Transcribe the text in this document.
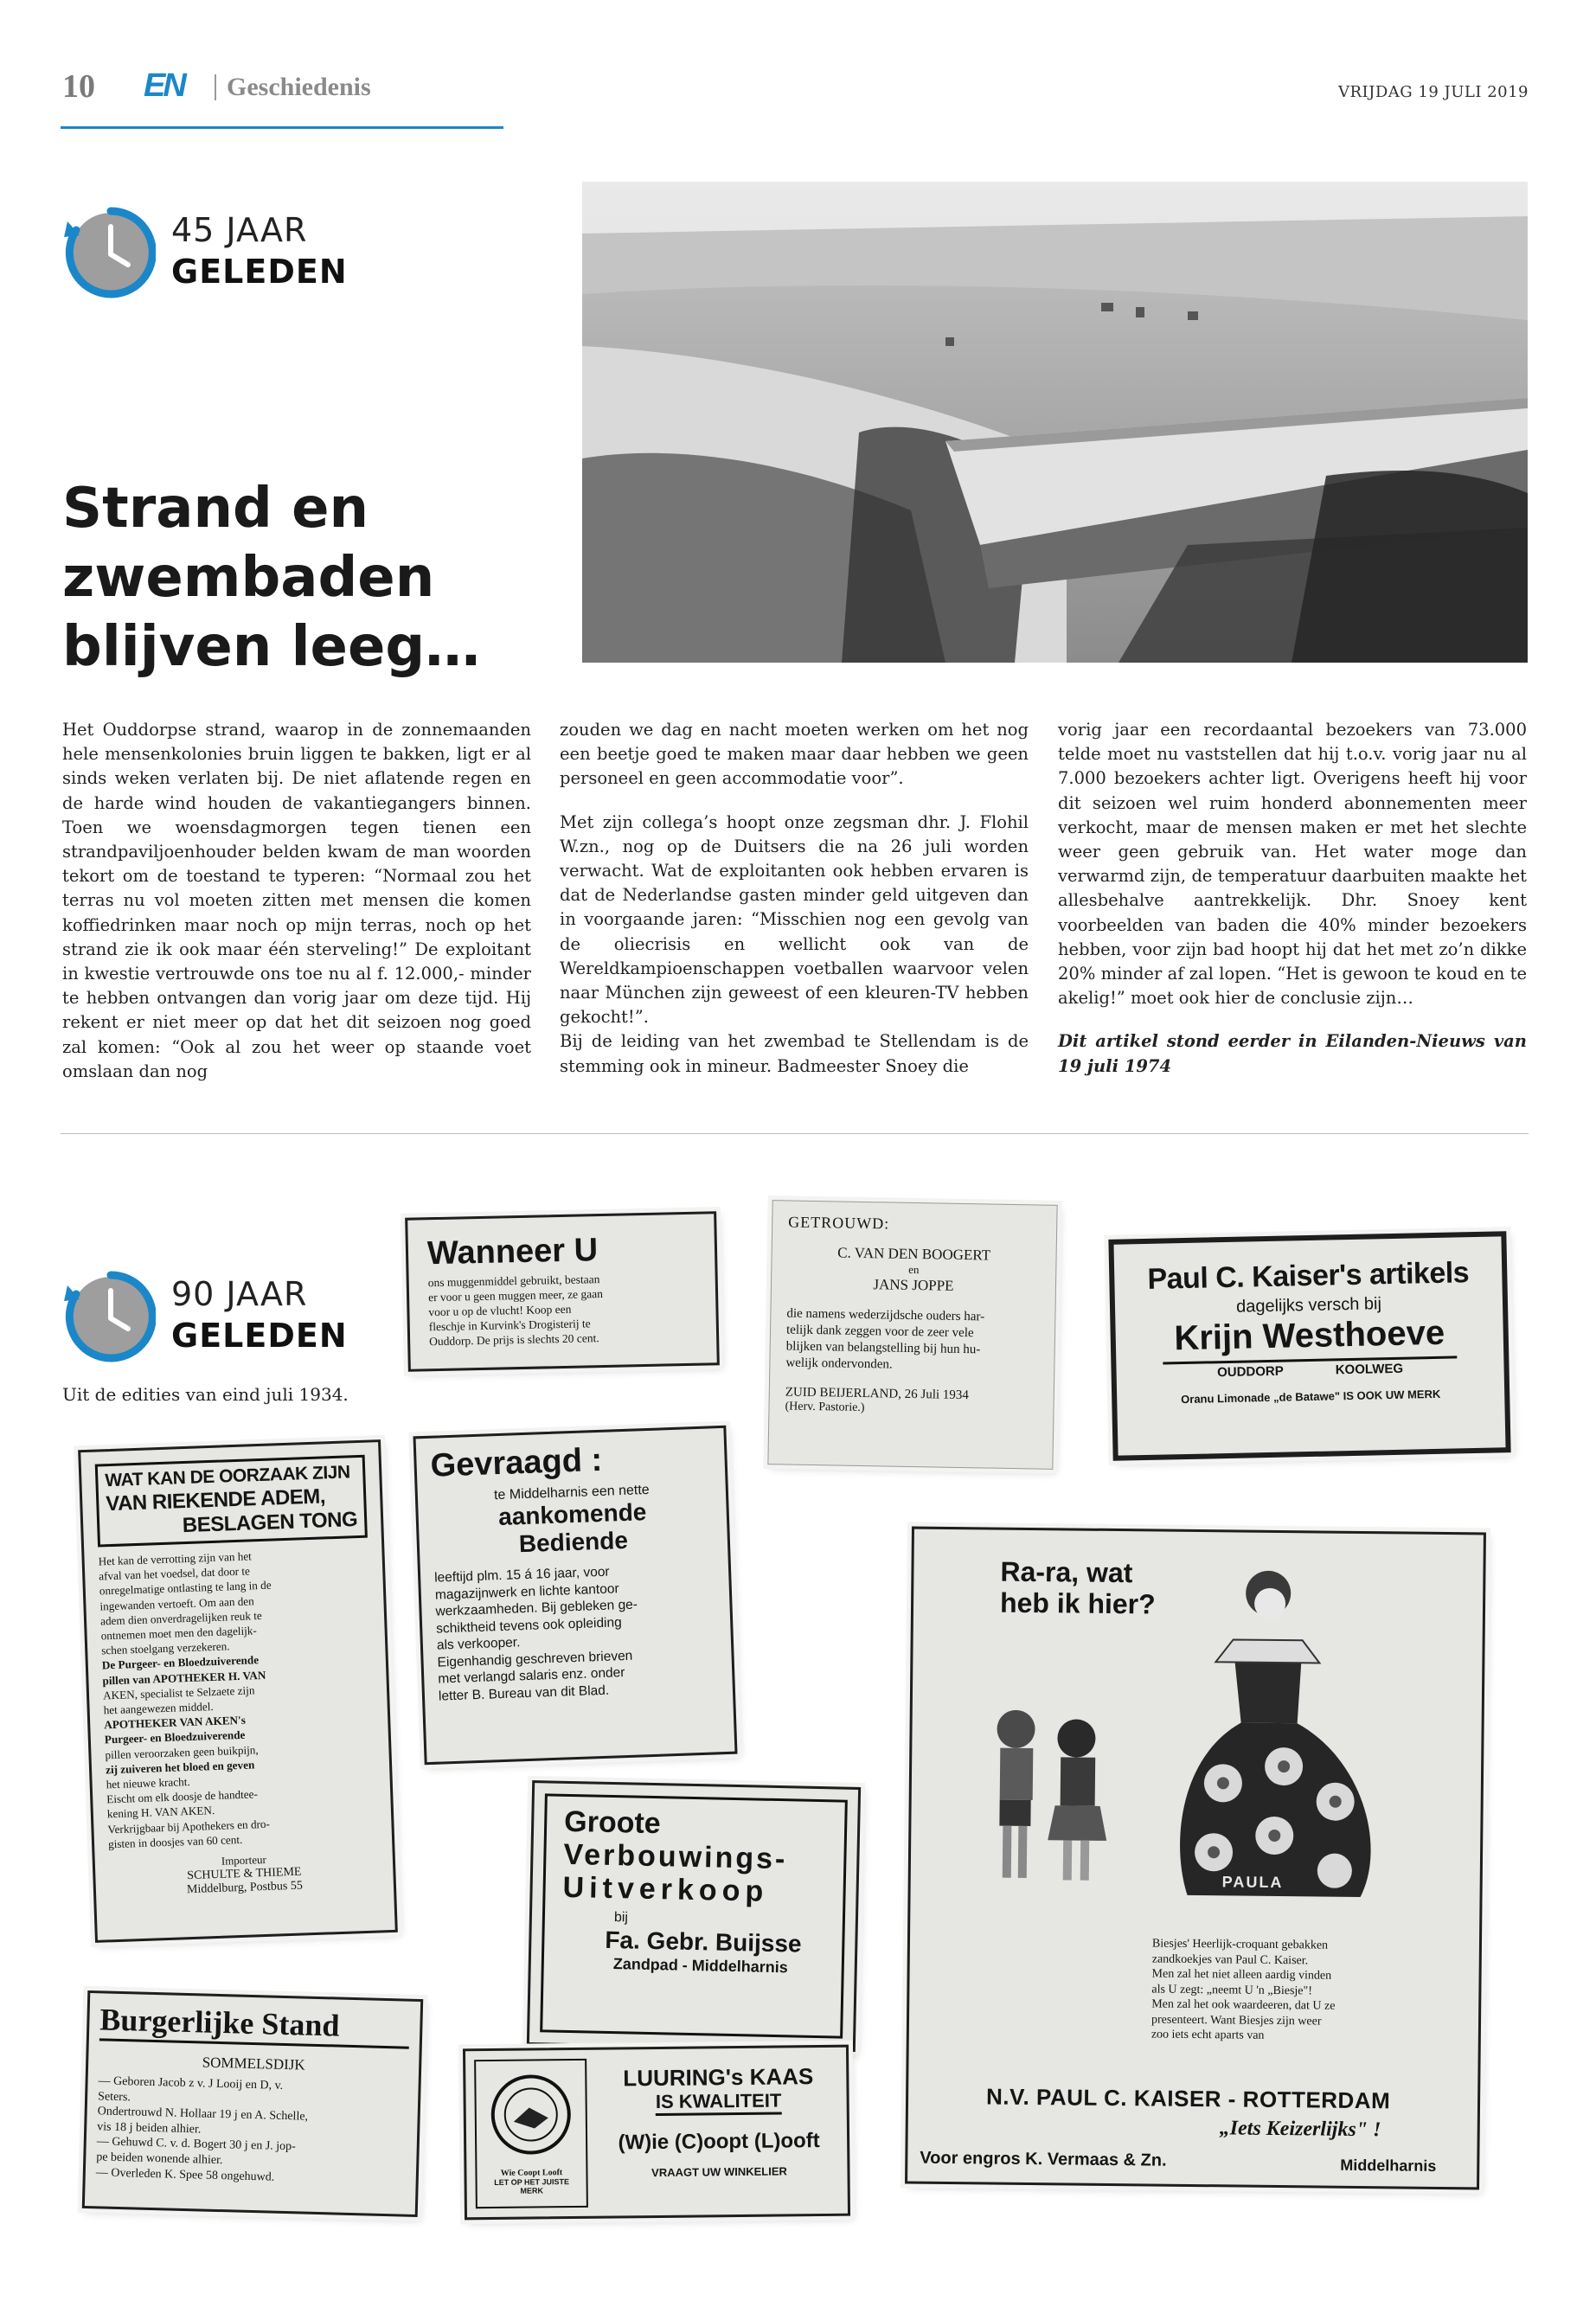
10 EN Geschiedenis	VRIJDAG 19 JULI 2019
45 JAAR
GELEDEN
Strand en
zwembaden
blijven leeg…

Het Ouddorpse strand, waarop in de zonnemaanden hele mensenkolonies bruin liggen te bakken, ligt er al sinds weken verlaten bij. De niet aflatende regen en de harde wind houden de vakantiegangers binnen. Toen we woensdagmorgen tegen tienen een strandpaviljoenhouder belden kwam de man woorden tekort om de toestand te typeren: “Normaal zou het terras nu vol moeten zitten met mensen die komen koffiedrinken maar noch op mijn terras, noch op het strand zie ik ook maar één sterveling!” De exploitant in kwestie vertrouwde ons toe nu al f. 12.000,- minder te hebben ontvangen dan vorig jaar om deze tijd. Hij rekent er niet meer op dat het dit seizoen nog goed zal komen: “Ook al zou het weer op staande voet omslaan dan nog

zouden we dag en nacht moeten werken om het nog een beetje goed te maken maar daar hebben we geen personeel en geen accommodatie voor”.

Met zijn collega’s hoopt onze zegsman dhr. J. Flohil W.zn., nog op de Duitsers die na 26 juli worden verwacht. Wat de exploitanten ook hebben ervaren is dat de Nederlandse gasten minder geld uitgeven dan in voorgaande jaren: “Misschien nog een gevolg van de oliecrisis en wellicht ook van de Wereldkampioenschappen voetballen waarvoor velen naar München zijn geweest of een kleuren-TV hebben gekocht!”.

Bij de leiding van het zwembad te Stellendam is de stemming ook in mineur. Badmeester Snoey die

vorig jaar een recordaantal bezoekers van 73.000 telde moet nu vaststellen dat hij t.o.v. vorig jaar nu al 7.000 bezoekers achter ligt. Overigens heeft hij voor dit seizoen wel ruim honderd abonnementen meer verkocht, maar de mensen maken er met het slechte weer geen gebruik van. Het water moge dan verwarmd zijn, de temperatuur daarbuiten maakte het allesbehalve aantrekkelijk. Dhr. Snoey kent voorbeelden van baden die 40% minder bezoekers hebben, voor zijn bad hoopt hij dat het met zo’n dikke 20% minder af zal lopen. “Het is gewoon te koud en te akelig!” moet ook hier de conclusie zijn…

Dit artikel stond eerder in Eilanden-Nieuws van 19 juli 1974

90 JAAR
GELEDEN
Uit de edities van eind juli 1934.
Wanneer U
ons muggenmiddel gebruikt, bestaan
er voor u geen muggen meer, ze gaan
voor u op de vlucht! Koop een
fleschje in Kurvink's Drogisterij te
Ouddorp. De prijs is slechts 20 cent.
GETROUWD:
C. VAN DEN BOOGERT
en
JANS JOPPE
die namens wederzijdsche ouders har-
telijk dank zeggen voor de zeer vele
blijken van belangstelling bij hun hu-
welijk ondervonden.
ZUID BEIJERLAND, 26 Juli 1934
(Herv. Pastorie.)
Paul C. Kaiser's artikels
dagelijks versch bij
Krijn Westhoeve
OUDDORP	KOOLWEG
Oranu Limonade „de Batawe" IS OOK UW MERK
WAT KAN DE OORZAAK ZIJN
VAN RIEKENDE ADEM,
BESLAGEN TONG
Het kan de verrotting zijn van het
afval van het voedsel, dat door te
onregelmatige ontlasting te lang in de
ingewanden vertoeft. Om aan den
adem dien onverdragelijken reuk te
ontnemen moet men den dagelijk-
schen stoelgang verzekeren.
De Purgeer- en Bloedzuiverende
pillen van APOTHEKER H. VAN
AKEN, specialist te Selzaete zijn
het aangewezen middel.
APOTHEKER VAN AKEN's
Purgeer- en Bloedzuiverende
pillen veroorzaken geen buikpijn,
zij zuiveren het bloed en geven
het nieuwe kracht.
Eischt om elk doosje de handtee-
kening H. VAN AKEN.
Verkrijgbaar bij Apothekers en dro-
gisten in doosjes van 60 cent.
Importeur
SCHULTE & THIEME
Middelburg, Postbus 55
Gevraagd :
te Middelharnis een nette
aankomende
Bediende
leeftijd plm. 15 á 16 jaar, voor
magazijnwerk en lichte kantoor
werkzaamheden. Bij gebleken ge-
schiktheid tevens ook opleiding
als verkooper.
Eigenhandig geschreven brieven
met verlangd salaris enz. onder
letter B. Bureau van dit Blad.
Ra-ra, wat
heb ik hier?
PAULA
Biesjes' Heerlijk-croquant gebakken
zandkoekjes van Paul C. Kaiser.
Men zal het niet alleen aardig vinden
als U zegt: „neemt U 'n „Biesje"!
Men zal het ook waardeeren, dat U ze
presenteert. Want Biesjes zijn weer
zoo iets echt aparts van
N.V. PAUL C. KAISER - ROTTERDAM
„Iets Keizerlijks" !
Voor engros K. Vermaas & Zn.	Middelharnis
Groote
Verbouwings-
Uitverkoop
bij
Fa. Gebr. Buijsse
Zandpad - Middelharnis
Burgerlijke Stand
SOMMELSDIJK
— Geboren Jacob z v. J Looij en D, v.
Seters.
Ondertrouwd N. Hollaar 19 j en A. Schelle,
vis 18 j beiden alhier.
— Gehuwd C. v. d. Bogert 30 j en J. jop-
pe beiden wonende alhier.
— Overleden K. Spee 58 ongehuwd.	Wie Coopt Looft
LET OP HET JUISTE MERK
LUURING's KAAS
IS KWALITEIT
(W)ie (C)oopt (L)ooft
VRAAGT UW WINKELIER
